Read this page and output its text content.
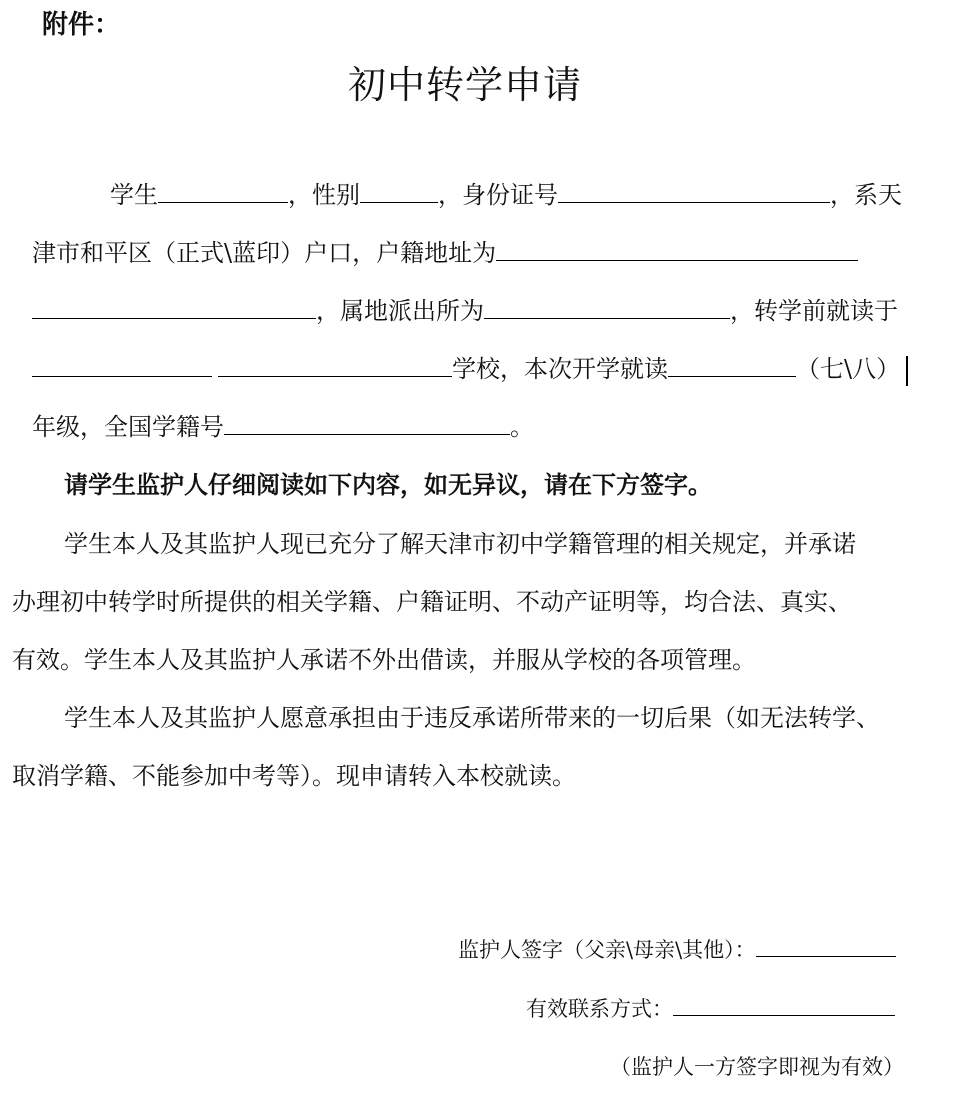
附件：
初中转学申请
学生	，性别	，身份证号	，系天
津市和平区（正式\蓝印）户口，户籍地址为
，属地派出所为	，转学前就读于
学校，本次开学就读	（七\八）
年级，全国学籍号	。
请学生监护人仔细阅读如下内容，如无异议，请在下方签字。
学生本人及其监护人现已充分了解天津市初中学籍管理的相关规定，并承诺
办理初中转学时所提供的相关学籍、户籍证明、不动产证明等，均合法、真实、
有效。学生本人及其监护人承诺不外出借读，并服从学校的各项管理。
学生本人及其监护人愿意承担由于违反承诺所带来的一切后果（如无法转学、
取消学籍、不能参加中考等）。现申请转入本校就读。
监护人签字（父亲\母亲\其他）：
有效联系方式：
（监护人一方签字即视为有效）
